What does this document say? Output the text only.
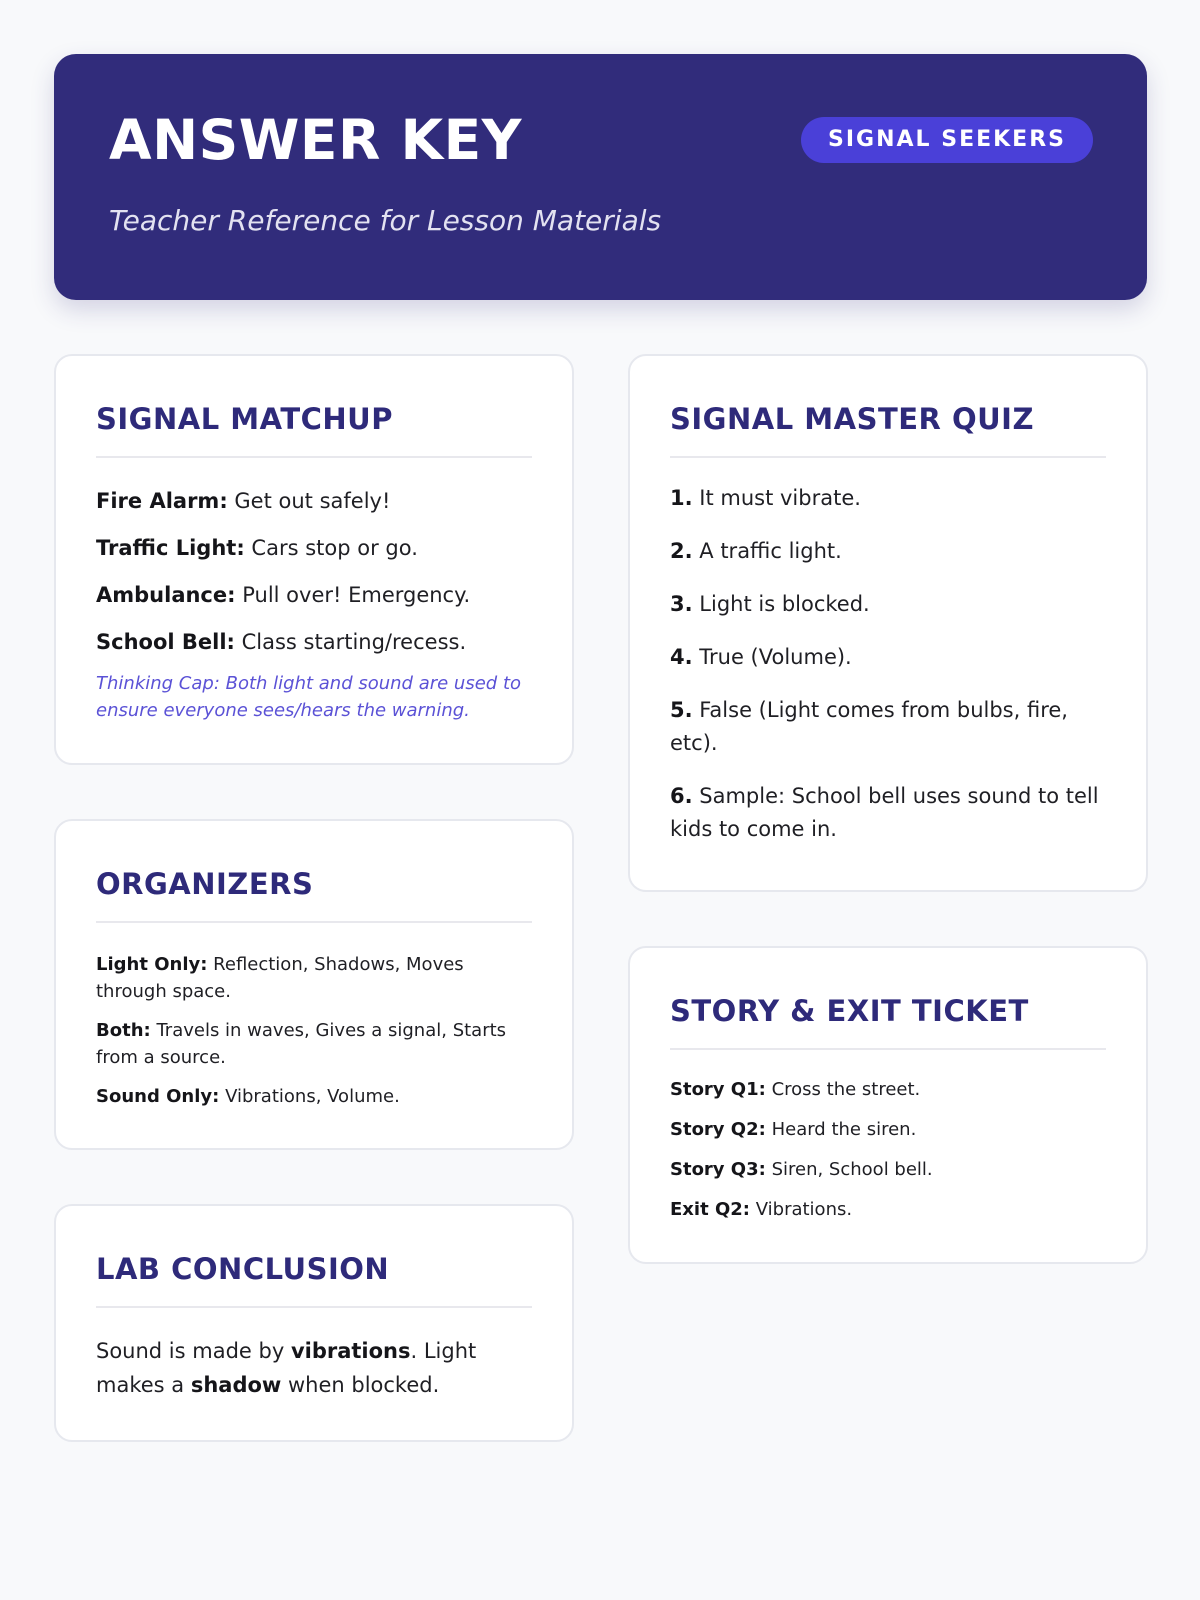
ANSWER KEY
Teacher Reference for Lesson Materials
SIGNAL SEEKERS
SIGNAL MATCHUP
Fire Alarm: Get out safely!
Traffic Light: Cars stop or go.
Ambulance: Pull over! Emergency.
School Bell: Class starting/recess.
Thinking Cap: Both light and sound are used to ensure everyone sees/hears the warning.
SIGNAL MASTER QUIZ
1. It must vibrate.
2. A traffic light.
3. Light is blocked.
4. True (Volume).
5. False (Light comes from bulbs, fire, etc).
6. Sample: School bell uses sound to tell kids to come in.
ORGANIZERS
Light Only: Reflection, Shadows, Moves through space.
Both: Travels in waves, Gives a signal, Starts from a source.
Sound Only: Vibrations, Volume.
STORY & EXIT TICKET
Story Q1: Cross the street.
Story Q2: Heard the siren.
Story Q3: Siren, School bell.
Exit Q2: Vibrations.
LAB CONCLUSION
Sound is made by vibrations. Light makes a shadow when blocked.
